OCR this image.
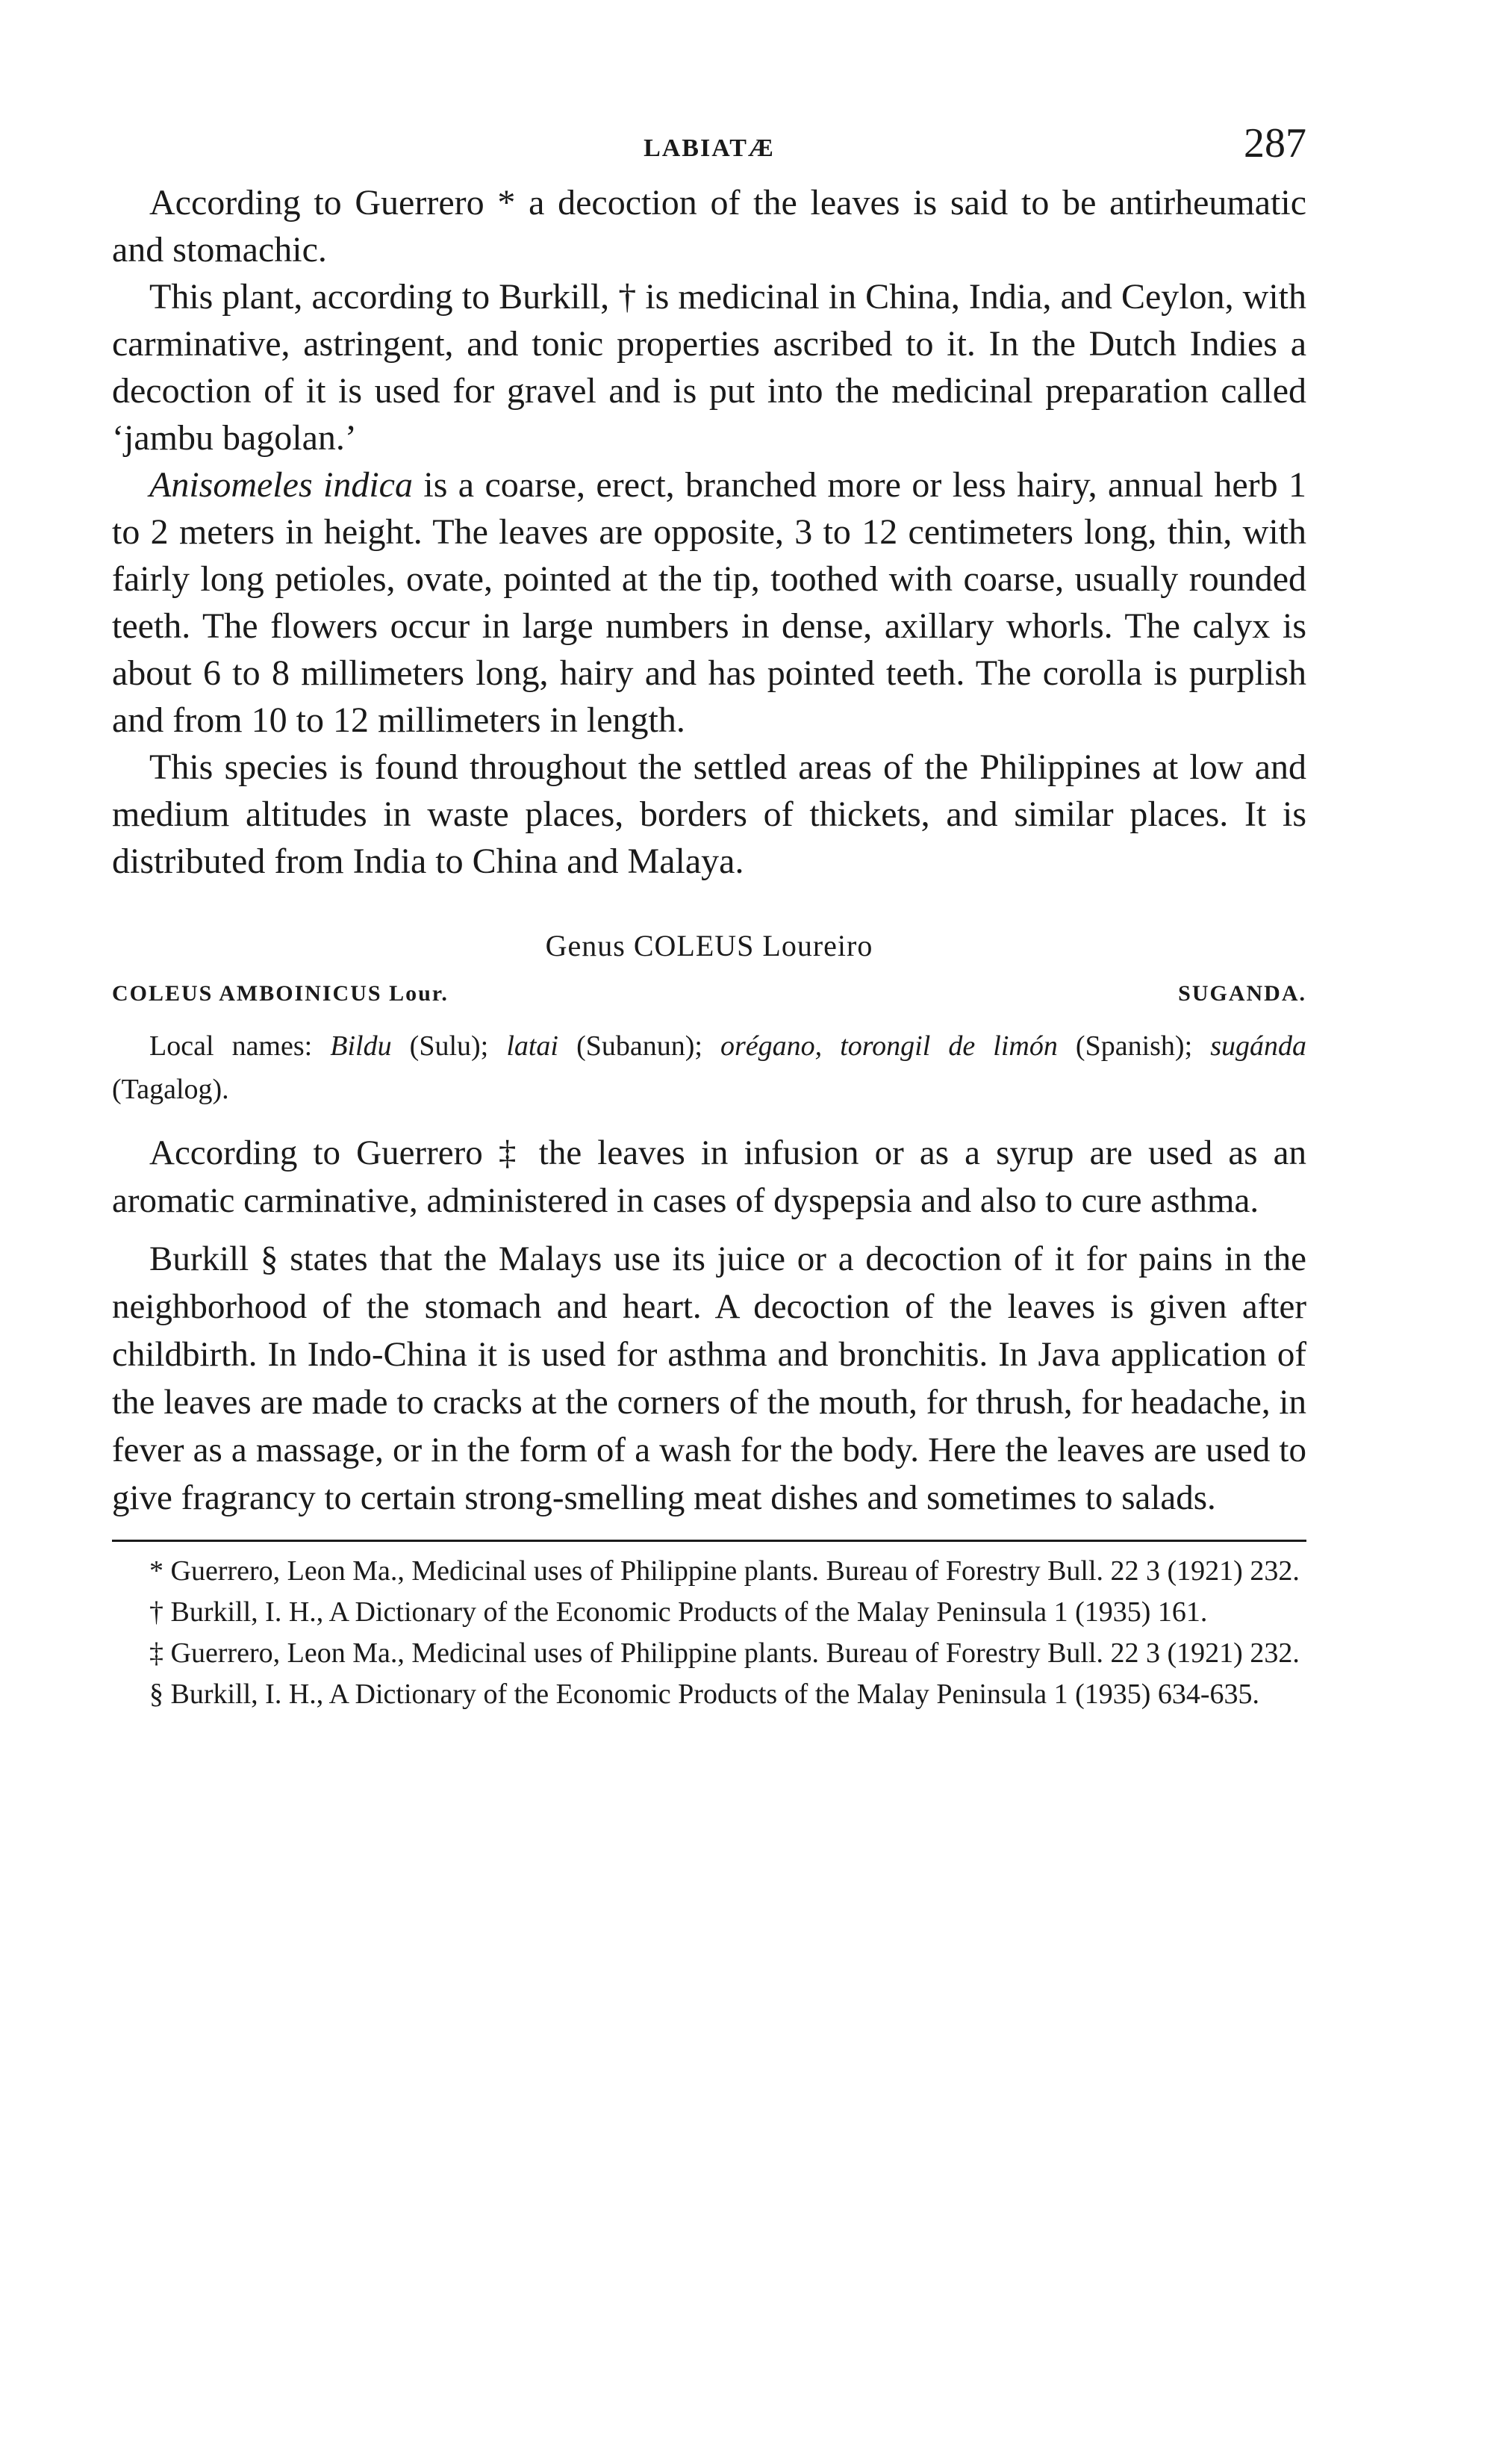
LABIATÆ	287

According to Guerrero * a decoction of the leaves is said to be antirheumatic and stomachic.

This plant, according to Burkill, † is medicinal in China, India, and Ceylon, with carminative, astringent, and tonic properties ascribed to it. In the Dutch Indies a decoction of it is used for gravel and is put into the medicinal preparation called ‘jambu bagolan.’

Anisomeles indica is a coarse, erect, branched more or less hairy, annual herb 1 to 2 meters in height. The leaves are opposite, 3 to 12 centimeters long, thin, with fairly long petioles, ovate, pointed at the tip, toothed with coarse, usually rounded teeth. The flowers occur in large numbers in dense, axillary whorls. The calyx is about 6 to 8 millimeters long, hairy and has pointed teeth. The corolla is purplish and from 10 to 12 millimeters in length.

This species is found throughout the settled areas of the Philippines at low and medium altitudes in waste places, borders of thickets, and similar places. It is distributed from India to China and Malaya.

Genus COLEUS Loureiro
COLEUS AMBOINICUS Lour.	SUGANDA.

Local names: Bildu (Sulu); latai (Subanun); orégano, torongil de limón (Spanish); sugánda (Tagalog).

According to Guerrero ‡ the leaves in infusion or as a syrup are used as an aromatic carminative, administered in cases of dyspepsia and also to cure asthma.

Burkill § states that the Malays use its juice or a decoction of it for pains in the neighborhood of the stomach and heart. A decoction of the leaves is given after childbirth. In Indo-China it is used for asthma and bronchitis. In Java application of the leaves are made to cracks at the corners of the mouth, for thrush, for headache, in fever as a massage, or in the form of a wash for the body. Here the leaves are used to give fragrancy to certain strong-smelling meat dishes and sometimes to salads.

* Guerrero, Leon Ma., Medicinal uses of Philippine plants. Bureau of Forestry Bull. 22 3 (1921) 232.

† Burkill, I. H., A Dictionary of the Economic Products of the Malay Peninsula 1 (1935) 161.

‡ Guerrero, Leon Ma., Medicinal uses of Philippine plants. Bureau of Forestry Bull. 22 3 (1921) 232.

§ Burkill, I. H., A Dictionary of the Economic Products of the Malay Peninsula 1 (1935) 634-635.
